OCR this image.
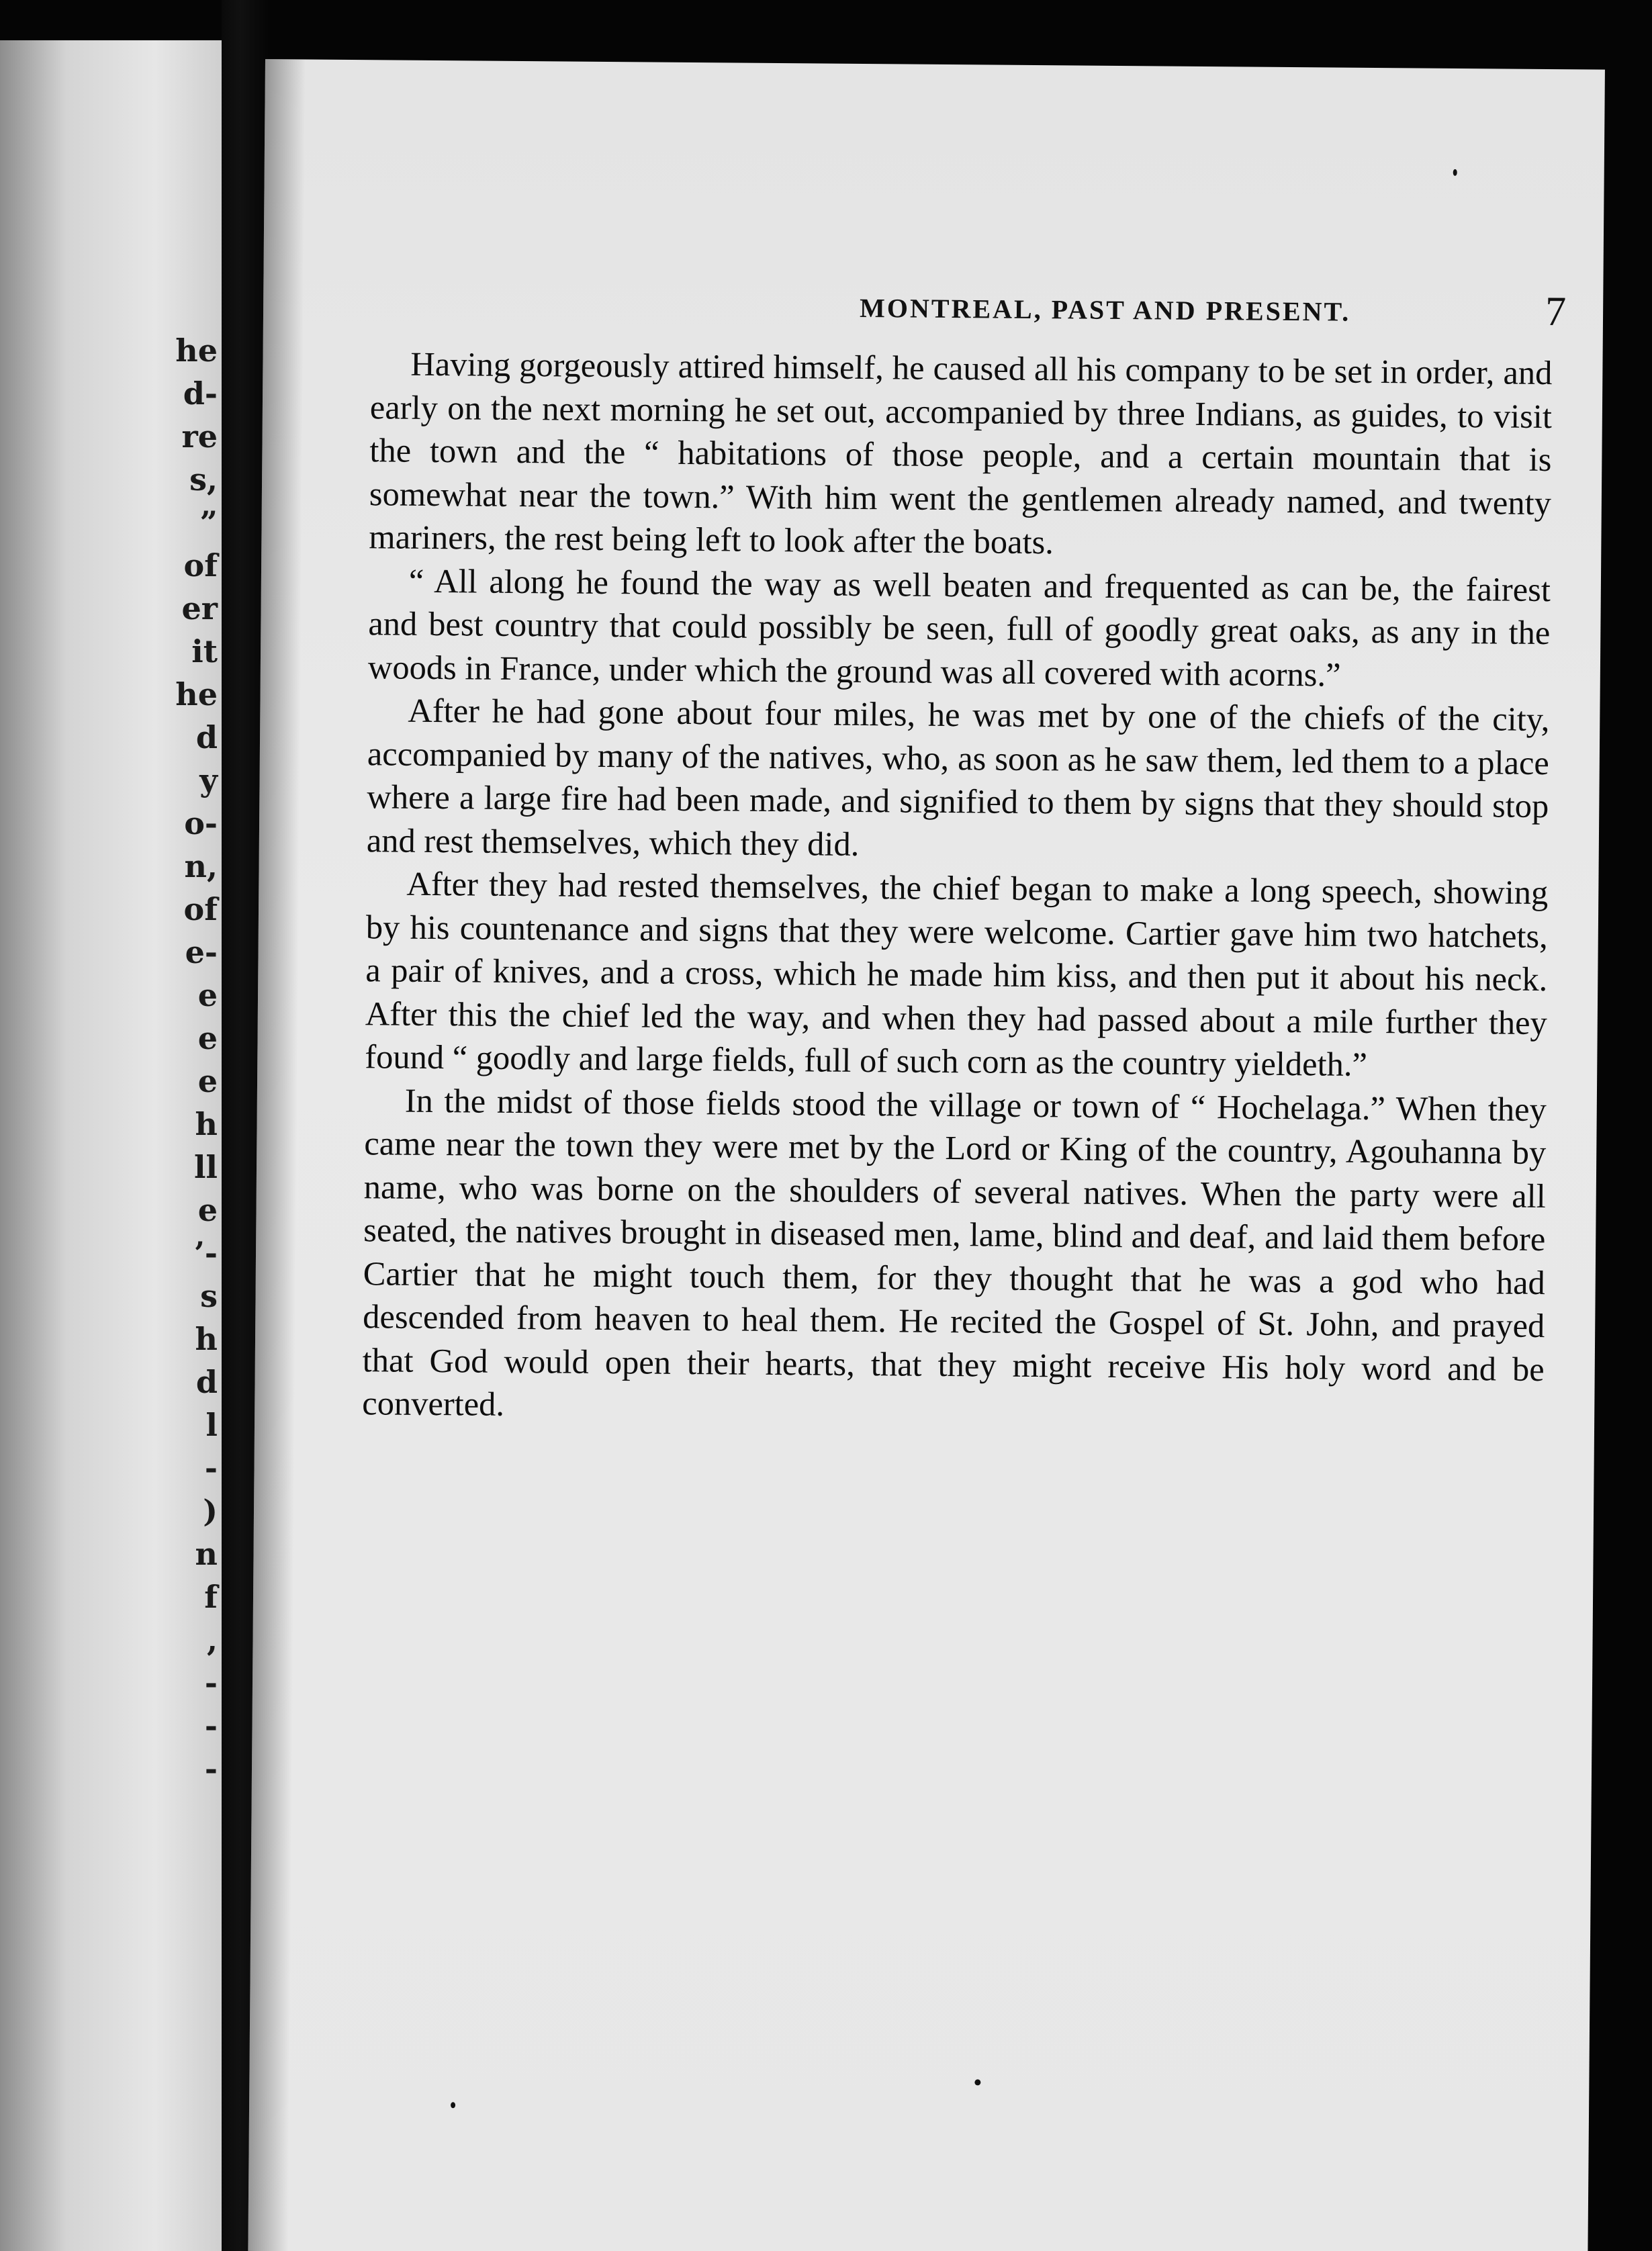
he
d-
re
s,
”
of
er
it
he
d
y
o-
n,
of
e-
e
e
e
h
ll
e
’-
s
h
d
l
-
)
n
f
,
-
-
-
MONTREAL, PAST AND PRESENT.	7

Having gorgeously attired himself, he caused all his company to be set in order, and early on the next morning he set out, accompanied by three Indians, as guides, to visit the town and the “ habitations of those people, and a certain mountain that is somewhat near the town.” With him went the gentlemen already named, and twenty mariners, the rest being left to look after the boats.

“ All along he found the way as well beaten and frequented as can be, the fairest and best country that could possibly be seen, full of goodly great oaks, as any in the woods in France, under which the ground was all covered with acorns.”

After he had gone about four miles, he was met by one of the chiefs of the city, accompanied by many of the natives, who, as soon as he saw them, led them to a place where a large fire had been made, and signified to them by signs that they should stop and rest themselves, which they did.

After they had rested themselves, the chief began to make a long speech, showing by his countenance and signs that they were welcome. Cartier gave him two hatchets, a pair of knives, and a cross, which he made him kiss, and then put it about his neck. After this the chief led the way, and when they had passed about a mile further they found “ goodly and large fields, full of such corn as the country yieldeth.”

In the midst of those fields stood the village or town of “ Hochelaga.” When they came near the town they were met by the Lord or King of the country, Agouhanna by name, who was borne on the shoulders of several natives. When the party were all seated, the natives brought in diseased men, lame, blind and deaf, and laid them before Cartier that he might touch them, for they thought that he was a god who had descended from heaven to heal them. He recited the Gospel of St. John, and prayed that God would open their hearts, that they might receive His holy word and be converted.
